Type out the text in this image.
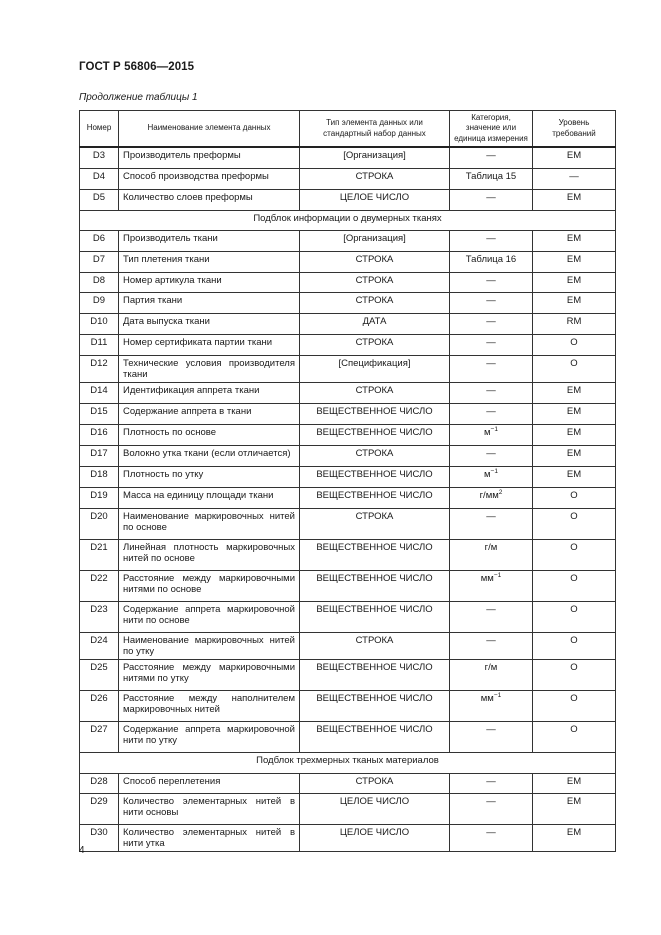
ГОСТ Р 56806—2015
Продолжение таблицы 1
Номер	Наименование элемента данных	Тип элемента данных или стандартный набор данных	Категория, значение или единица измерения	Уровень требований
D3	Производитель преформы	[Организация]	—	EM
D4	Способ производства преформы	СТРОКА	Таблица 15	—
D5	Количество слоев преформы	ЦЕЛОЕ ЧИСЛО	—	EM
Подблок информации о двумерных тканях				
D6	Производитель ткани	[Организация]	—	EM
D7	Тип плетения ткани	СТРОКА	Таблица 16	EM
D8	Номер артикула ткани	СТРОКА	—	EM
D9	Партия ткани	СТРОКА	—	EM
D10	Дата выпуска ткани	ДАТА	—	RM
D11	Номер сертификата партии ткани	СТРОКА	—	O
D12	Технические условия производителя ткани	[Спецификация]	—	O
D14	Идентификация аппрета ткани	СТРОКА	—	EM
D15	Содержание аппрета в ткани	ВЕЩЕСТВЕННОЕ ЧИСЛО	—	EM
D16	Плотность по основе	ВЕЩЕСТВЕННОЕ ЧИСЛО	$м^{-1}$	EM
D17	Волокно утка ткани (если отличается)	СТРОКА	—	EM
D18	Плотность по утку	ВЕЩЕСТВЕННОЕ ЧИСЛО	$м^{-1}$	EM
D19	Масса на единицу площади ткани	ВЕЩЕСТВЕННОЕ ЧИСЛО	$г/мм^2$	O
D20	Наименование маркировочных нитей по основе	СТРОКА	—	O
D21	Линейная плотность маркировочных нитей по основе	ВЕЩЕСТВЕННОЕ ЧИСЛО	г/м	O
D22	Расстояние между маркировочными нитями по основе	ВЕЩЕСТВЕННОЕ ЧИСЛО	$мм^{-1}$	O
D23	Содержание аппрета маркировочной нити по основе	ВЕЩЕСТВЕННОЕ ЧИСЛО	—	O
D24	Наименование маркировочных нитей по утку	СТРОКА	—	O
D25	Расстояние между маркировочными нитями по утку	ВЕЩЕСТВЕННОЕ ЧИСЛО	г/м	O
D26	Расстояние между наполнителем маркировочных нитей	ВЕЩЕСТВЕННОЕ ЧИСЛО	$мм^{-1}$	O
D27	Содержание аппрета маркировочной нити по утку	ВЕЩЕСТВЕННОЕ ЧИСЛО	—	O
Подблок трехмерных тканых материалов				
D28	Способ переплетения	СТРОКА	—	EM
D29	Количество элементарных нитей в нити основы	ЦЕЛОЕ ЧИСЛО	—	EM
D30	Количество элементарных нитей в нити утка	ЦЕЛОЕ ЧИСЛО	—	EM
4
